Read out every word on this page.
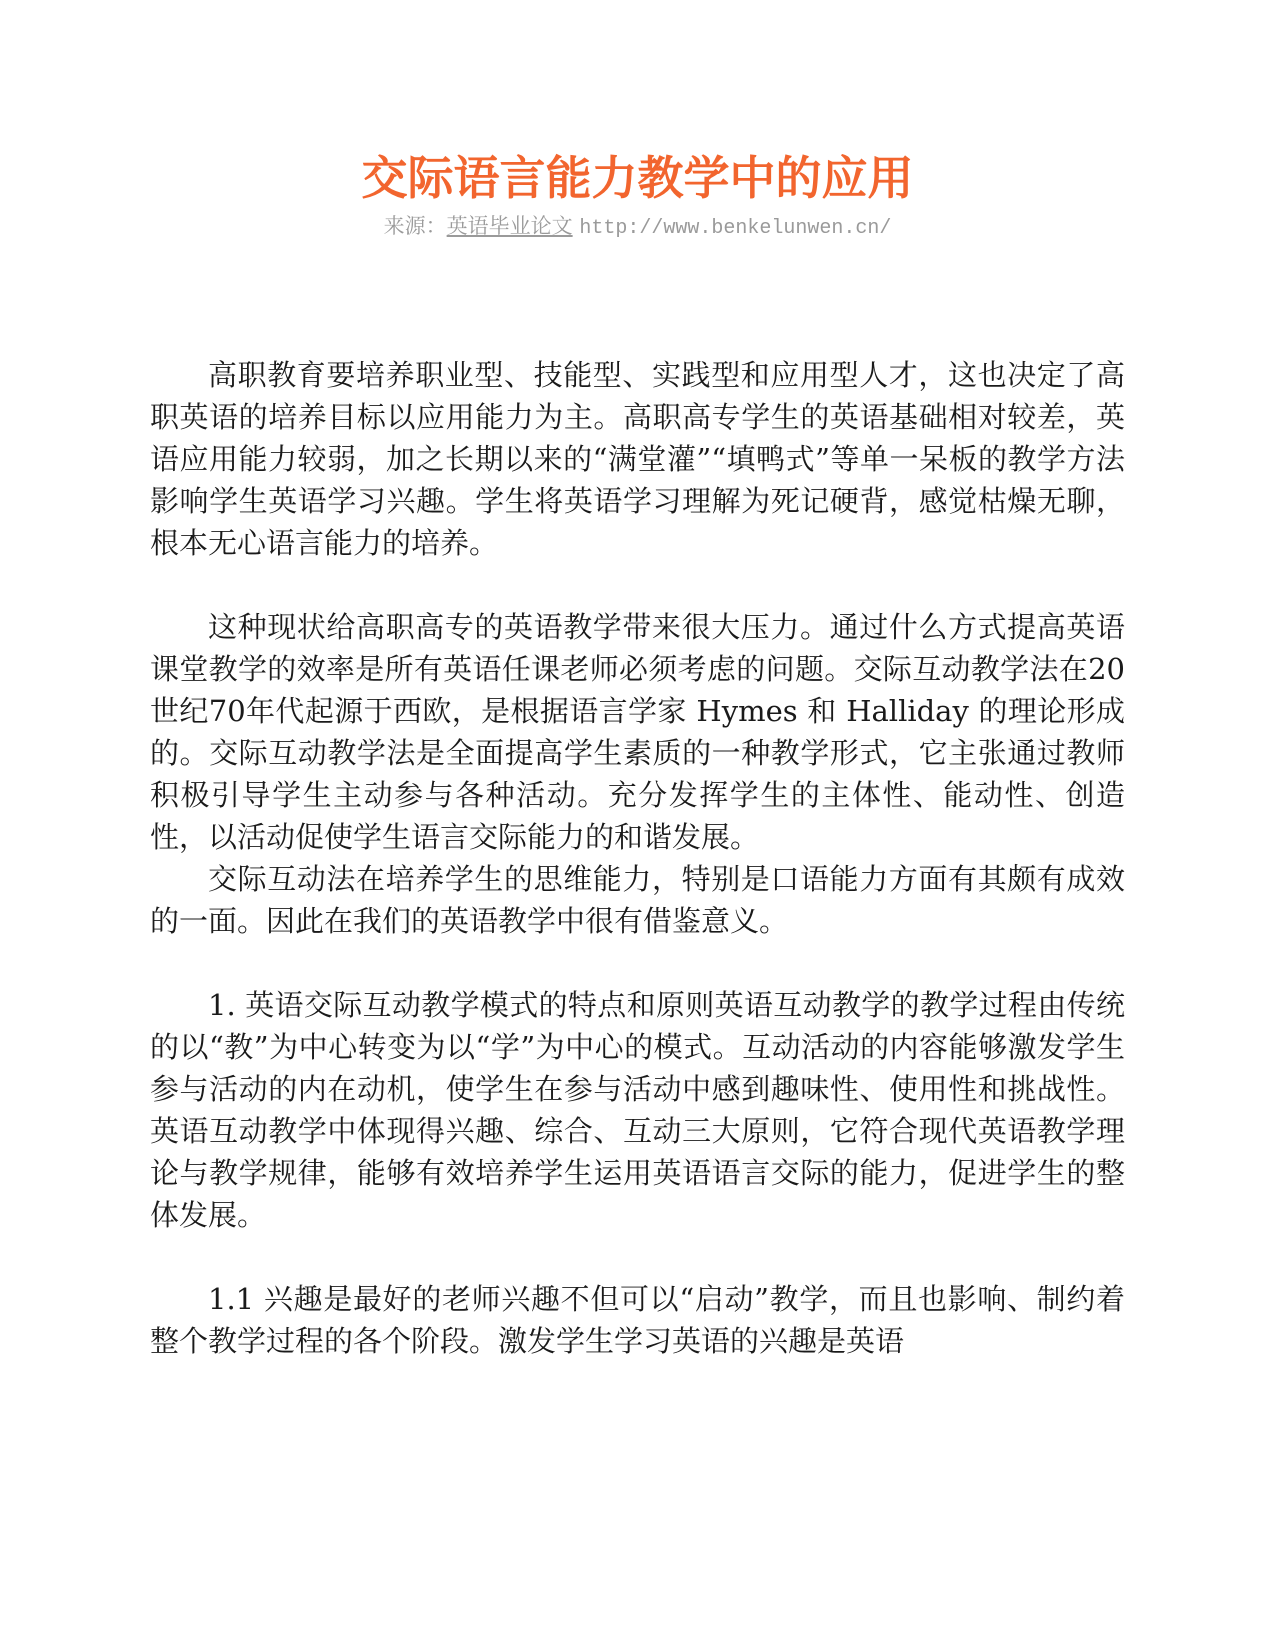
交际语言能力教学中的应用
来源：英语毕业论文 http://www.benkelunwen.cn/

高职教育要培养职业型、技能型、实践型和应用型人才，这也决定了高职英语的培养目标以应用能力为主。高职高专学生的英语基础相对较差，英语应用能力较弱，加之长期以来的“满堂灌”“填鸭式”等单一呆板的教学方法影响学生英语学习兴趣。学生将英语学习理解为死记硬背，感觉枯燥无聊，根本无心语言能力的培养。

这种现状给高职高专的英语教学带来很大压力。通过什么方式提高英语课堂教学的效率是所有英语任课老师必须考虑的问题。交际互动教学法在20世纪70年代起源于西欧，是根据语言学家 Hymes 和 Halliday 的理论形成的。交际互动教学法是全面提高学生素质的一种教学形式，它主张通过教师积极引导学生主动参与各种活动。充分发挥学生的主体性、能动性、创造性，以活动促使学生语言交际能力的和谐发展。

交际互动法在培养学生的思维能力，特别是口语能力方面有其颇有成效的一面。因此在我们的英语教学中很有借鉴意义。

1. 英语交际互动教学模式的特点和原则英语互动教学的教学过程由传统的以“教”为中心转变为以“学”为中心的模式。互动活动的内容能够激发学生参与活动的内在动机，使学生在参与活动中感到趣味性、使用性和挑战性。英语互动教学中体现得兴趣、综合、互动三大原则，它符合现代英语教学理论与教学规律，能够有效培养学生运用英语语言交际的能力，促进学生的整体发展。

1.1 兴趣是最好的老师兴趣不但可以“启动”教学，而且也影响、制约着整个教学过程的各个阶段。激发学生学习英语的兴趣是英语
